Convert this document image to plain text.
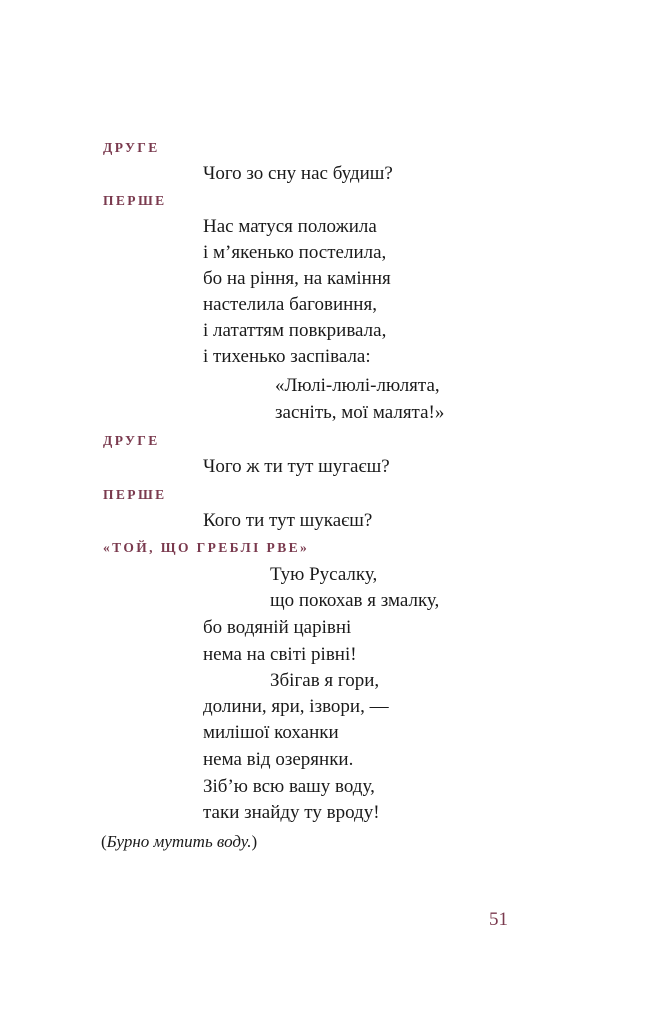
ДРУГЕ
Чого зо сну нас будиш?
ПЕРШЕ
Нас матуся положила
і м’якенько постелила,
бо на ріння, на каміння
настелила баговиння,
і лататтям повкривала,
і тихенько заспівала:
«Люлі-люлі-люлята,
засніть, мої малята!»
ДРУГЕ
Чого ж ти тут шугаєш?
ПЕРШЕ
Кого ти тут шукаєш?
«ТОЙ, ЩО ГРЕБЛІ РВЕ»
Тую Русалку,
що покохав я змалку,
бо водяній царівні
нема на світі рівні!
Збігав я гори,
долини, яри, ізвори, —
милішої коханки
нема від озерянки.
Зіб’ю всю вашу воду,
таки знайду ту вроду!
(Бурно мутить воду.)
51
